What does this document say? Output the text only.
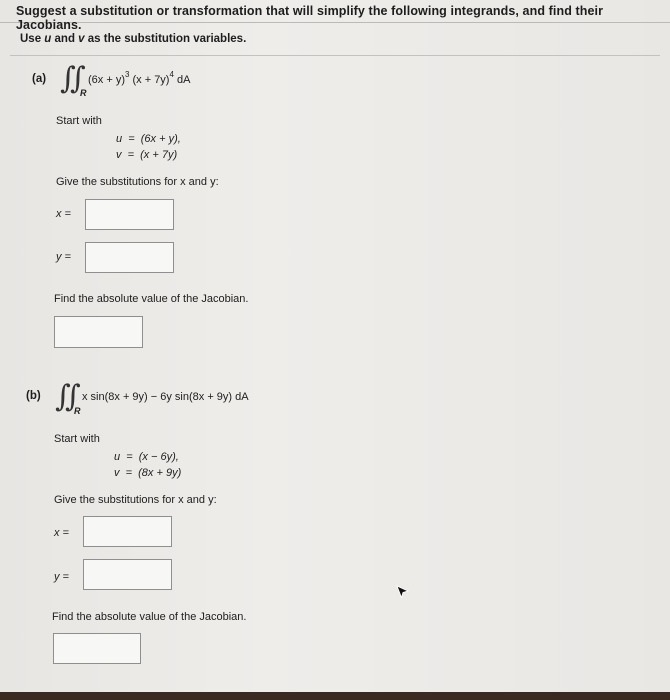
Suggest a substitution or transformation that will simplify the following integrands, and find their Jacobians.
Use u and v as the substitution variables.
(a) ∬ R
$(6x + y)^3$ $(x + 7y)^4$ dA
Start with
u  =  (6x + y),
v  =  (x + 7y)
Give the substitutions for x and y:
x =
y =
Find the absolute value of the Jacobian.
(b) ∬ R
x sin(8x + 9y) − 6y sin(8x + 9y) dA
Start with
u  =  (x − 6y),
v  =  (8x + 9y)
Give the substitutions for x and y:
x =
y =
Find the absolute value of the Jacobian.
